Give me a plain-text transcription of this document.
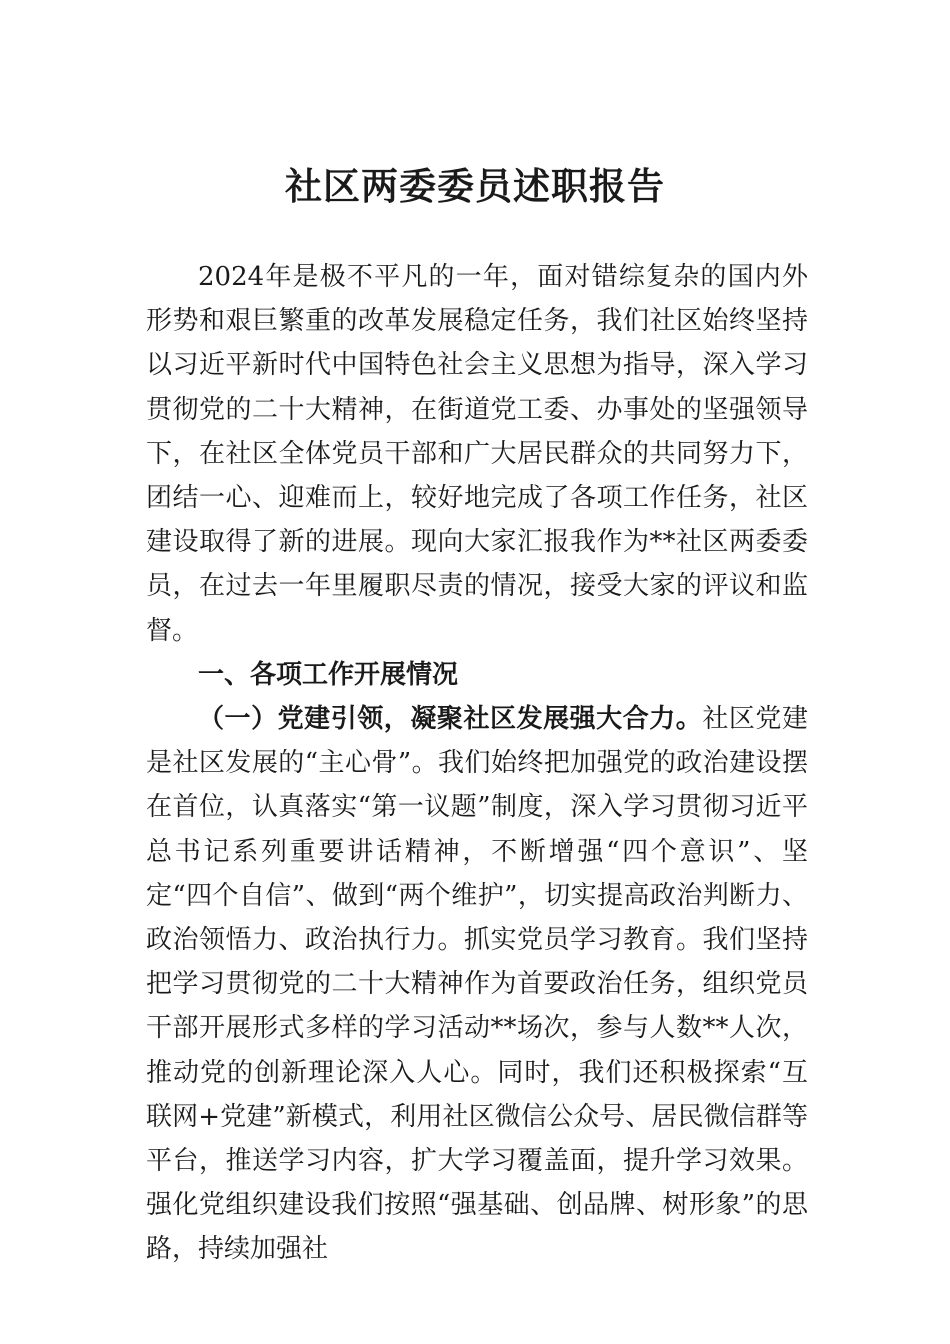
社区两委委员述职报告

2024年是极不平凡的一年，面对错综复杂的国内外形势和艰巨繁重的改革发展稳定任务，我们社区始终坚持以习近平新时代中国特色社会主义思想为指导，深入学习贯彻党的二十大精神，在街道党工委、办事处的坚强领导下，在社区全体党员干部和广大居民群众的共同努力下，团结一心、迎难而上，较好地完成了各项工作任务，社区建设取得了新的进展。现向大家汇报我作为**社区两委委员，在过去一年里履职尽责的情况，接受大家的评议和监督。

一、各项工作开展情况

（一）党建引领，凝聚社区发展强大合力。社区党建是社区发展的“主心骨”。我们始终把加强党的政治建设摆在首位，认真落实“第一议题”制度，深入学习贯彻习近平总书记系列重要讲话精神，不断增强“四个意识”、坚定“四个自信”、做到“两个维护”，切实提高政治判断力、政治领悟力、政治执行力。抓实党员学习教育。我们坚持把学习贯彻党的二十大精神作为首要政治任务，组织党员干部开展形式多样的学习活动**场次，参与人数**人次，推动党的创新理论深入人心。同时，我们还积极探索“互联网+党建”新模式，利用社区微信公众号、居民微信群等平台，推送学习内容，扩大学习覆盖面，提升学习效果。强化党组织建设我们按照“强基础、创品牌、树形象”的思路，持续加强社
